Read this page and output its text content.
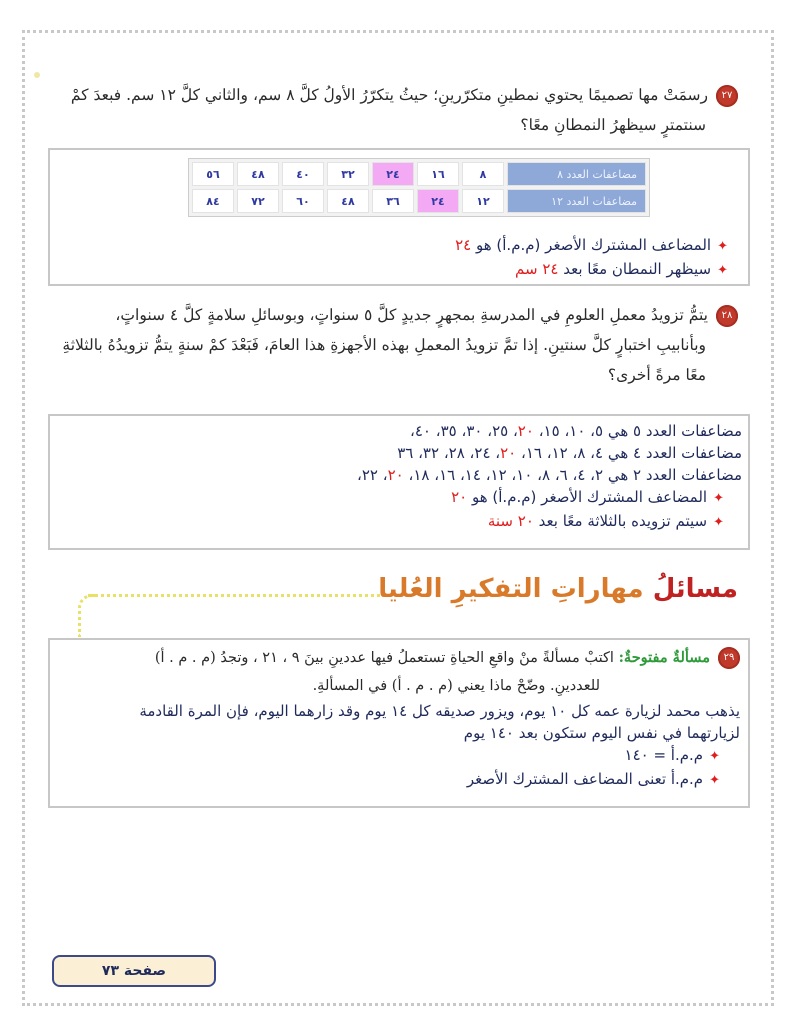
٢٧رسمَتْ مها تصميمًا يحتوي نمطينِ متكرّرينِ؛ حيثُ يتكرّرُ الأولُ كلَّ ٨ سم، والثاني كلَّ ١٢ سم. فبعدَ كمْ
سنتمترٍ سيظهرُ النمطانِ معًا؟
مضاعفات العدد ٨	٨	١٦	٢٤	٣٢	٤٠	٤٨	٥٦
مضاعفات العدد ١٢	١٢	٢٤	٣٦	٤٨	٦٠	٧٢	٨٤
✦المضاعف المشترك الأصغر (م.م.أ) هو ٢٤
✦سيظهر النمطان معًا بعد ٢٤ سم
٢٨يتمُّ تزويدُ معملِ العلومِ في المدرسةِ بمجهرٍ جديدٍ كلَّ ٥ سنواتٍ، وبوسائلِ سلامةٍ كلَّ ٤ سنواتٍ،
وبأنابيبِ اختبارٍ كلَّ سنتينِ. إذا تمَّ تزويدُ المعملِ بهذه الأجهزةِ هذا العامَ، فَبَعْدَ كمْ سنةٍ يتمُّ تزويدُهُ بالثلاثةِ
معًا مرةً أخرى؟
مضاعفات العدد ٥ هي ٥، ١٠، ١٥، ٢٠، ٢٥، ٣٠، ٣٥، ٤٠،
مضاعفات العدد ٤ هي ٤، ٨، ١٢، ١٦، ٢٠، ٢٤، ٢٨، ٣٢، ٣٦
مضاعفات العدد ٢ هي ٢، ٤، ٦، ٨، ١٠، ١٢، ١٤، ١٦، ١٨، ٢٠، ٢٢،
✦المضاعف المشترك الأصغر (م.م.أ) هو ٢٠
✦سيتم تزويده بالثلاثة معًا بعد ٢٠ سنة
مسائلُ مهاراتِ التفكيرِ العُليا
٢٩مسألةٌ مفتوحةٌ: اكتبْ مسألةً منْ واقعِ الحياةِ تستعملُ فيها عددينِ بينَ ٩ ، ٢١ ، وتجدُ (م . م . أ)
للعددينِ. وضّحْ ماذا يعني (م . م . أ) في المسألةِ.
يذهب محمد لزيارة عمه كل ١٠ يوم، ويزور صديقه كل ١٤ يوم وقد زارهما اليوم، فإن المرة القادمة
لزيارتهما في نفس اليوم ستكون بعد ١٤٠ يوم
✦م.م.أ = ١٤٠
✦م.م.أ تعنى المضاعف المشترك الأصغر
صفحة ٧٣
